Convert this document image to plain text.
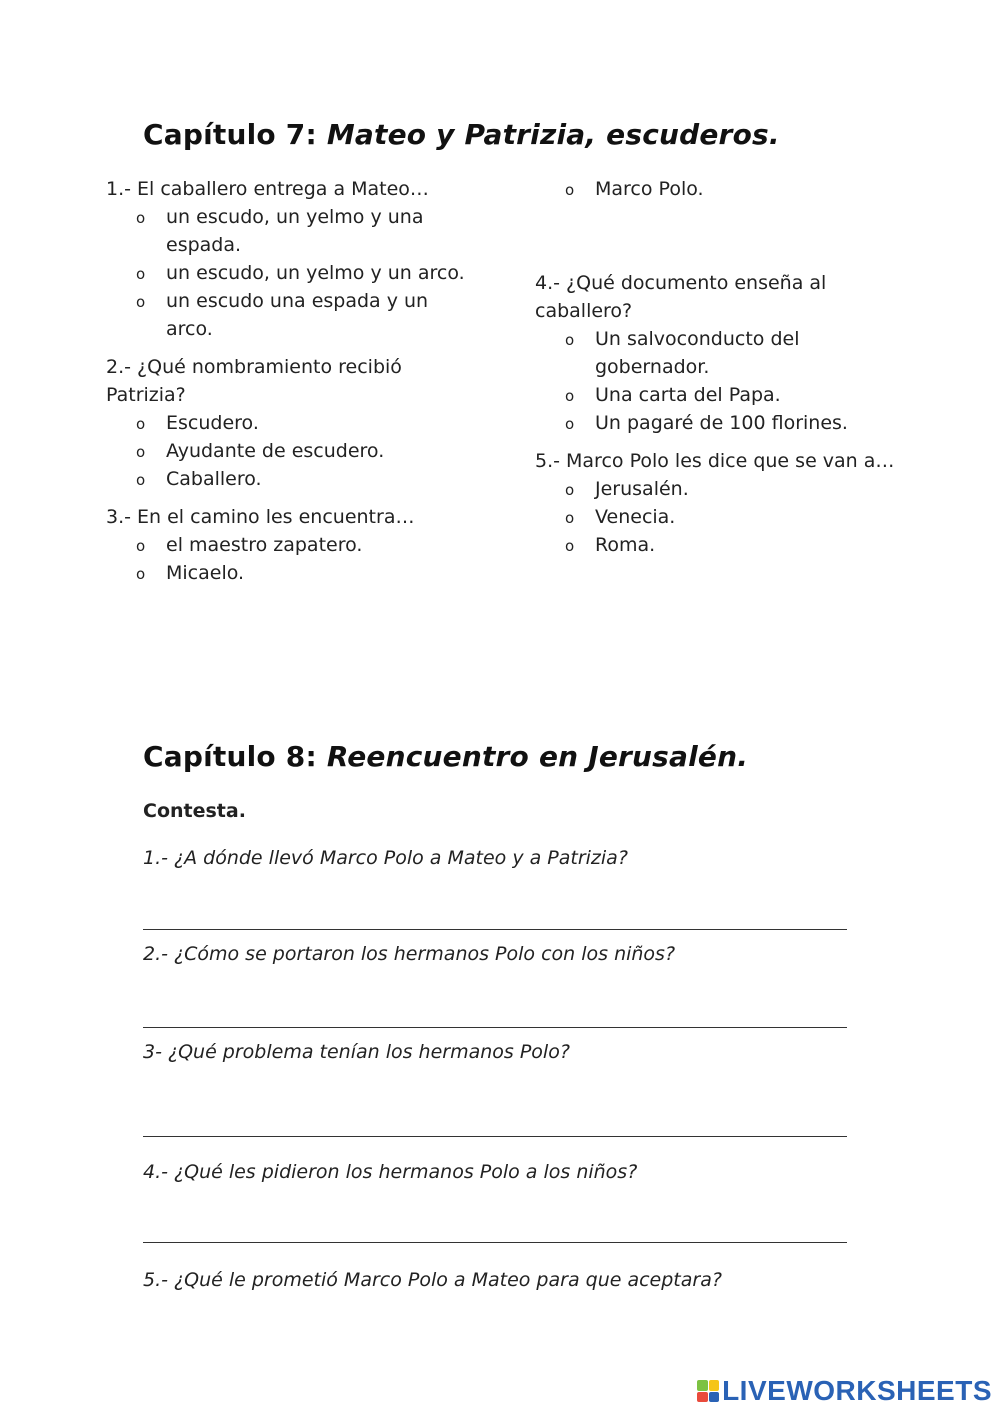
Capítulo 7: Mateo y Patrizia, escuderos.

1.- El caballero entrega a Mateo…

o un escudo, un yelmo y una espada.
o un escudo, un yelmo y un arco.
o un escudo una espada y un arco.

2.- ¿Qué nombramiento recibió Patrizia?

o Escudero.
o Ayudante de escudero.
o Caballero.

3.- En el camino les encuentra…

o el maestro zapatero.
o Micaelo.
o Marco Polo.

4.- ¿Qué documento enseña al caballero?

o Un salvoconducto del gobernador.
o Una carta del Papa.
o Un pagaré de 100 florines.

5.- Marco Polo les dice que se van a…

o Jerusalén.
o Venecia.
o Roma.
Capítulo 8: Reencuentro en Jerusalén.
Contesta.
1.- ¿A dónde llevó Marco Polo a Mateo y a Patrizia?
2.- ¿Cómo se portaron los hermanos Polo con los niños?
3- ¿Qué problema tenían los hermanos Polo?
4.- ¿Qué les pidieron los hermanos Polo a los niños?
5.- ¿Qué le prometió Marco Polo a Mateo para que aceptara?
LIVEWORKSHEETS
